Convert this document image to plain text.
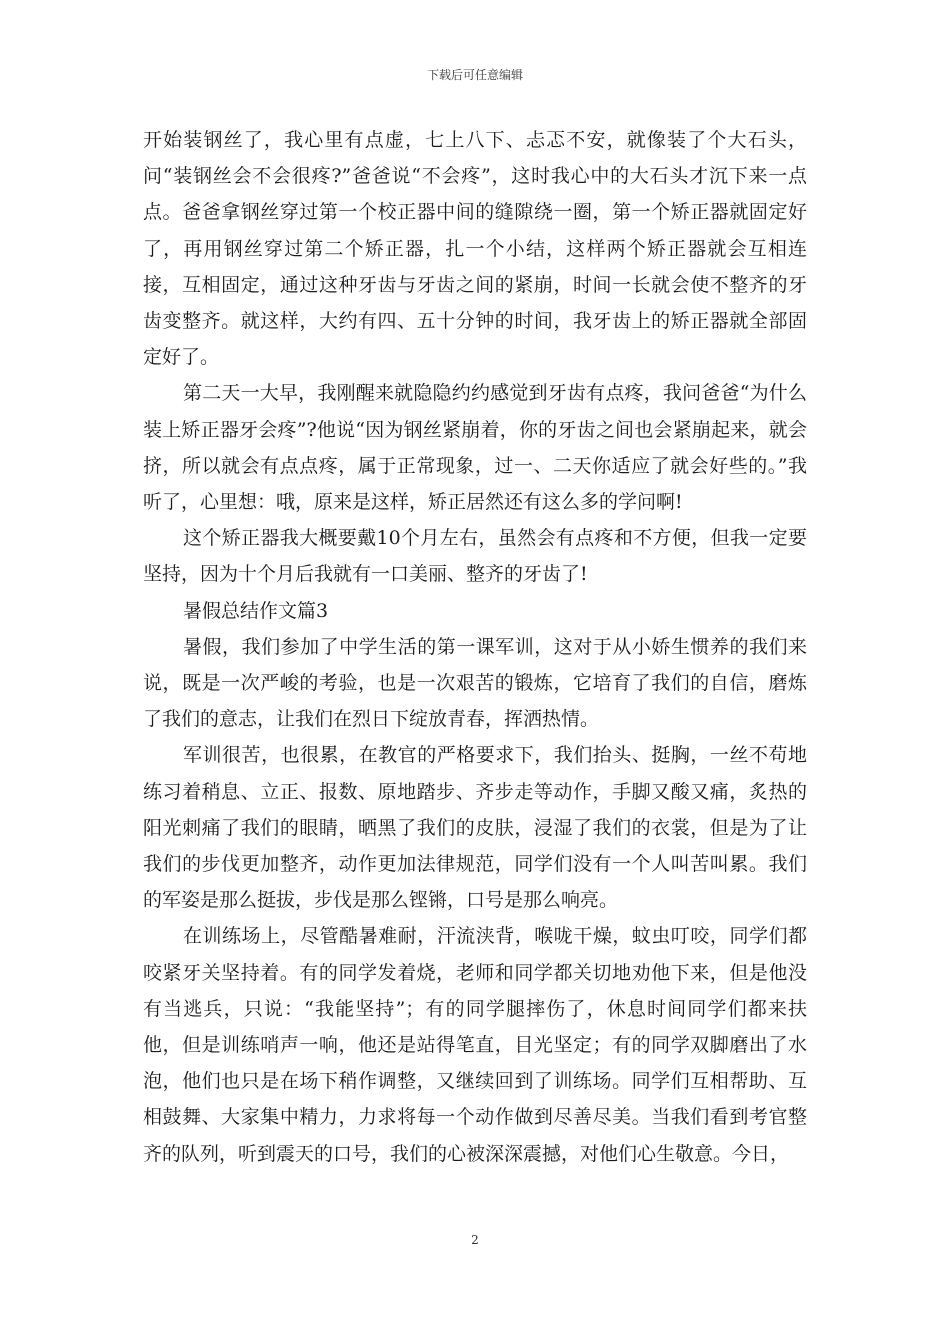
下载后可任意编辑

开始装钢丝了，我心里有点虚，七上八下、忐忑不安，就像装了个大石头，问“装钢丝会不会很疼?”爸爸说“不会疼”，这时我心中的大石头才沉下来一点点。爸爸拿钢丝穿过第一个校正器中间的缝隙绕一圈，第一个矫正器就固定好了，再用钢丝穿过第二个矫正器，扎一个小结，这样两个矫正器就会互相连接，互相固定，通过这种牙齿与牙齿之间的紧崩，时间一长就会使不整齐的牙齿变整齐。就这样，大约有四、五十分钟的时间，我牙齿上的矫正器就全部固定好了。

第二天一大早，我刚醒来就隐隐约约感觉到牙齿有点疼，我问爸爸“为什么装上矫正器牙会疼”?他说“因为钢丝紧崩着，你的牙齿之间也会紧崩起来，就会挤，所以就会有点点疼，属于正常现象，过一、二天你适应了就会好些的。”我听了，心里想：哦，原来是这样，矫正居然还有这么多的学问啊!

这个矫正器我大概要戴10个月左右，虽然会有点疼和不方便，但我一定要坚持，因为十个月后我就有一口美丽、整齐的牙齿了!

暑假总结作文篇3

暑假，我们参加了中学生活的第一课军训，这对于从小娇生惯养的我们来说，既是一次严峻的考验，也是一次艰苦的锻炼，它培育了我们的自信，磨炼了我们的意志，让我们在烈日下绽放青春，挥洒热情。

军训很苦，也很累，在教官的严格要求下，我们抬头、挺胸，一丝不苟地练习着稍息、立正、报数、原地踏步、齐步走等动作，手脚又酸又痛，炙热的阳光刺痛了我们的眼睛，晒黑了我们的皮肤，浸湿了我们的衣裳，但是为了让我们的步伐更加整齐，动作更加法律规范，同学们没有一个人叫苦叫累。我们的军姿是那么挺拔，步伐是那么铿锵，口号是那么响亮。

在训练场上，尽管酷暑难耐，汗流浃背，喉咙干燥，蚊虫叮咬，同学们都咬紧牙关坚持着。有的同学发着烧，老师和同学都关切地劝他下来，但是他没有当逃兵，只说：“我能坚持”；有的同学腿摔伤了，休息时间同学们都来扶他，但是训练哨声一响，他还是站得笔直，目光坚定；有的同学双脚磨出了水泡，他们也只是在场下稍作调整，又继续回到了训练场。同学们互相帮助、互相鼓舞、大家集中精力，力求将每一个动作做到尽善尽美。当我们看到考官整齐的队列，听到震天的口号，我们的心被深深震撼，对他们心生敬意。今日，

2
